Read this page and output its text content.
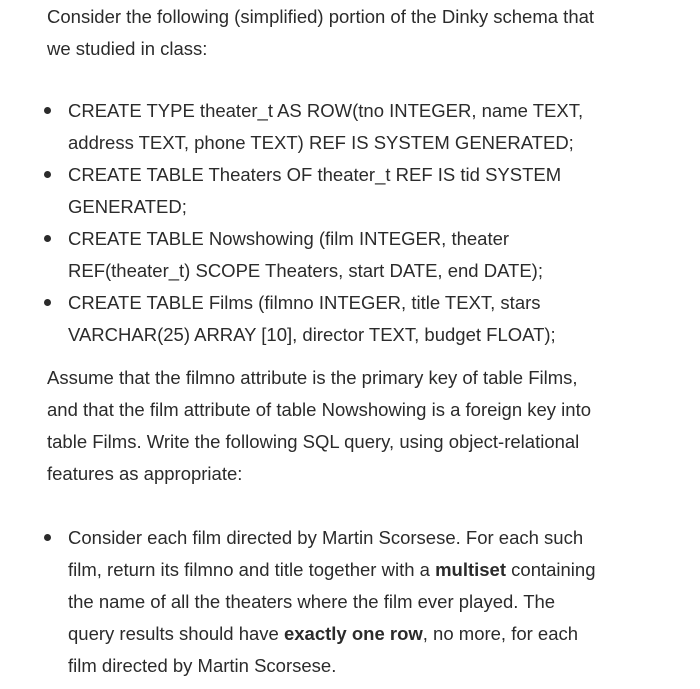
Consider the following (simplified) portion of the Dinky schema that
we studied in class:

CREATE TYPE theater_t AS ROW(tno INTEGER, name TEXT,
address TEXT, phone TEXT) REF IS SYSTEM GENERATED;
CREATE TABLE Theaters OF theater_t REF IS tid SYSTEM
GENERATED;
CREATE TABLE Nowshowing (film INTEGER, theater
REF(theater_t) SCOPE Theaters, start DATE, end DATE);
CREATE TABLE Films (filmno INTEGER, title TEXT, stars
VARCHAR(25) ARRAY [10], director TEXT, budget FLOAT);

Assume that the filmno attribute is the primary key of table Films,
and that the film attribute of table Nowshowing is a foreign key into
table Films. Write the following SQL query, using object-relational
features as appropriate:

Consider each film directed by Martin Scorsese. For each such
film, return its filmno and title together with a multiset containing
the name of all the theaters where the film ever played. The
query results should have exactly one row, no more, for each
film directed by Martin Scorsese.
